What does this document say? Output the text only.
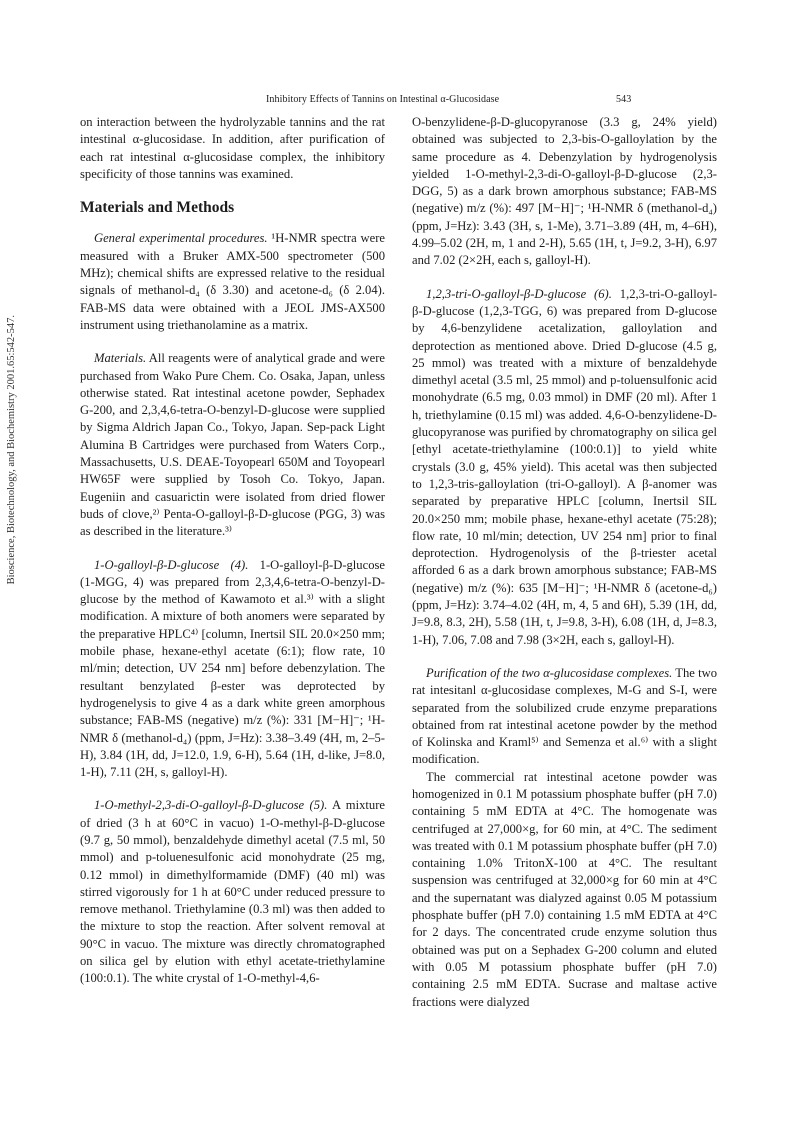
Bioscience, Biotechnology, and Biochemistry 2001.65:542-547.
Inhibitory Effects of Tannins on Intestinal α-Glucosidase	543

on interaction between the hydrolyzable tannins and the rat intestinal α-glucosidase. In addition, after purification of each rat intestinal α-glucosidase complex, the inhibitory specificity of those tannins was examined.

Materials and Methods

General experimental procedures. ¹H-NMR spectra were measured with a Bruker AMX-500 spectrometer (500 MHz); chemical shifts are expressed relative to the residual signals of methanol-d₄ (δ 3.30) and acetone-d₆ (δ 2.04). FAB-MS data were obtained with a JEOL JMS-AX500 instrument using triethanolamine as a matrix.

Materials. All reagents were of analytical grade and were purchased from Wako Pure Chem. Co. Osaka, Japan, unless otherwise stated. Rat intestinal acetone powder, Sephadex G-200, and 2,3,4,6-tetra-O-benzyl-D-glucose were supplied by Sigma Aldrich Japan Co., Tokyo, Japan. Sep-pack Light Alumina B Cartridges were purchased from Waters Corp., Massachusetts, U.S. DEAE-Toyopearl 650M and Toyopearl HW65F were supplied by Tosoh Co. Tokyo, Japan. Eugeniin and casuarictin were isolated from dried flower buds of clove,²⁾ Penta-O-galloyl-β-D-glucose (PGG, 3) was as described in the literature.³⁾

1-O-galloyl-β-D-glucose (4). 1-O-galloyl-β-D-glucose (1-MGG, 4) was prepared from 2,3,4,6-tetra-O-benzyl-D-glucose by the method of Kawamoto et al.³⁾ with a slight modification. A mixture of both anomers were separated by the preparative HPLC⁴⁾ [column, Inertsil SIL 20.0×250 mm; mobile phase, hexane-ethyl acetate (6:1); flow rate, 10 ml/min; detection, UV 254 nm] before debenzylation. The resultant benzylated β-ester was deprotected by hydrogenelysis to give 4 as a dark white green amorphous substance; FAB-MS (negative) m/z (%): 331 [M−H]⁻; ¹H-NMR δ (methanol-d₄) (ppm, J=Hz): 3.38–3.49 (4H, m, 2–5-H), 3.84 (1H, dd, J=12.0, 1.9, 6-H), 5.64 (1H, d-like, J=8.0, 1-H), 7.11 (2H, s, galloyl-H).

1-O-methyl-2,3-di-O-galloyl-β-D-glucose (5). A mixture of dried (3 h at 60°C in vacuo) 1-O-methyl-β-D-glucose (9.7 g, 50 mmol), benzaldehyde dimethyl acetal (7.5 ml, 50 mmol) and p-toluenesulfonic acid monohydrate (25 mg, 0.12 mmol) in dimethylformamide (DMF) (40 ml) was stirred vigorously for 1 h at 60°C under reduced pressure to remove methanol. Triethylamine (0.3 ml) was then added to the mixture to stop the reaction. After solvent removal at 90°C in vacuo. The mixture was directly chromatographed on silica gel by elution with ethyl acetate-triethylamine (100:0.1). The white crystal of 1-O-methyl-4,6-

O-benzylidene-β-D-glucopyranose (3.3 g, 24% yield) obtained was subjected to 2,3-bis-O-galloylation by the same procedure as 4. Debenzylation by hydrogenolysis yielded 1-O-methyl-2,3-di-O-galloyl-β-D-glucose (2,3-DGG, 5) as a dark brown amorphous substance; FAB-MS (negative) m/z (%): 497 [M−H]⁻; ¹H-NMR δ (methanol-d₄) (ppm, J=Hz): 3.43 (3H, s, 1-Me), 3.71–3.89 (4H, m, 4–6H), 4.99–5.02 (2H, m, 1 and 2-H), 5.65 (1H, t, J=9.2, 3-H), 6.97 and 7.02 (2×2H, each s, galloyl-H).

1,2,3-tri-O-galloyl-β-D-glucose (6). 1,2,3-tri-O-galloyl-β-D-glucose (1,2,3-TGG, 6) was prepared from D-glucose by 4,6-benzylidene acetalization, galloylation and deprotection as mentioned above. Dried D-glucose (4.5 g, 25 mmol) was treated with a mixture of benzaldehyde dimethyl acetal (3.5 ml, 25 mmol) and p-toluensulfonic acid monohydrate (6.5 mg, 0.03 mmol) in DMF (20 ml). After 1 h, triethylamine (0.15 ml) was added. 4,6-O-benzylidene-D-glucopyranose was purified by chromatography on silica gel [ethyl acetate-triethylamine (100:0.1)] to yield white crystals (3.0 g, 45% yield). This acetal was then subjected to 1,2,3-tris-galloylation (tri-O-galloyl). A β-anomer was separated by preparative HPLC [column, Inertsil SIL 20.0×250 mm; mobile phase, hexane-ethyl acetate (75:28); flow rate, 10 ml/min; detection, UV 254 nm] prior to final deprotection. Hydrogenolysis of the β-triester acetal afforded 6 as a dark brown amorphous substance; FAB-MS (negative) m/z (%): 635 [M−H]⁻; ¹H-NMR δ (acetone-d₆) (ppm, J=Hz): 3.74–4.02 (4H, m, 4, 5 and 6H), 5.39 (1H, dd, J=9.8, 8.3, 2H), 5.58 (1H, t, J=9.8, 3-H), 6.08 (1H, d, J=8.3, 1-H), 7.06, 7.08 and 7.98 (3×2H, each s, galloyl-H).

Purification of the two α-glucosidase complexes. The two rat intesitanl α-glucosidase complexes, M-G and S-I, were separated from the solubilized crude enzyme preparations obtained from rat intestinal acetone powder by the method of Kolinska and Kraml⁵⁾ and Semenza et al.⁶⁾ with a slight modification.

The commercial rat intestinal acetone powder was homogenized in 0.1 M potassium phosphate buffer (pH 7.0) containing 5 mM EDTA at 4°C. The homogenate was centrifuged at 27,000×g, for 60 min, at 4°C. The sediment was treated with 0.1 M potassium phosphate buffer (pH 7.0) containing 1.0% TritonX-100 at 4°C. The resultant suspension was centrifuged at 32,000×g for 60 min at 4°C and the supernatant was dialyzed against 0.05 M potassium phosphate buffer (pH 7.0) containing 1.5 mM EDTA at 4°C for 2 days. The concentrated crude enzyme solution thus obtained was put on a Sephadex G-200 column and eluted with 0.05 M potassium phosphate buffer (pH 7.0) containing 2.5 mM EDTA. Sucrase and maltase active fractions were dialyzed
